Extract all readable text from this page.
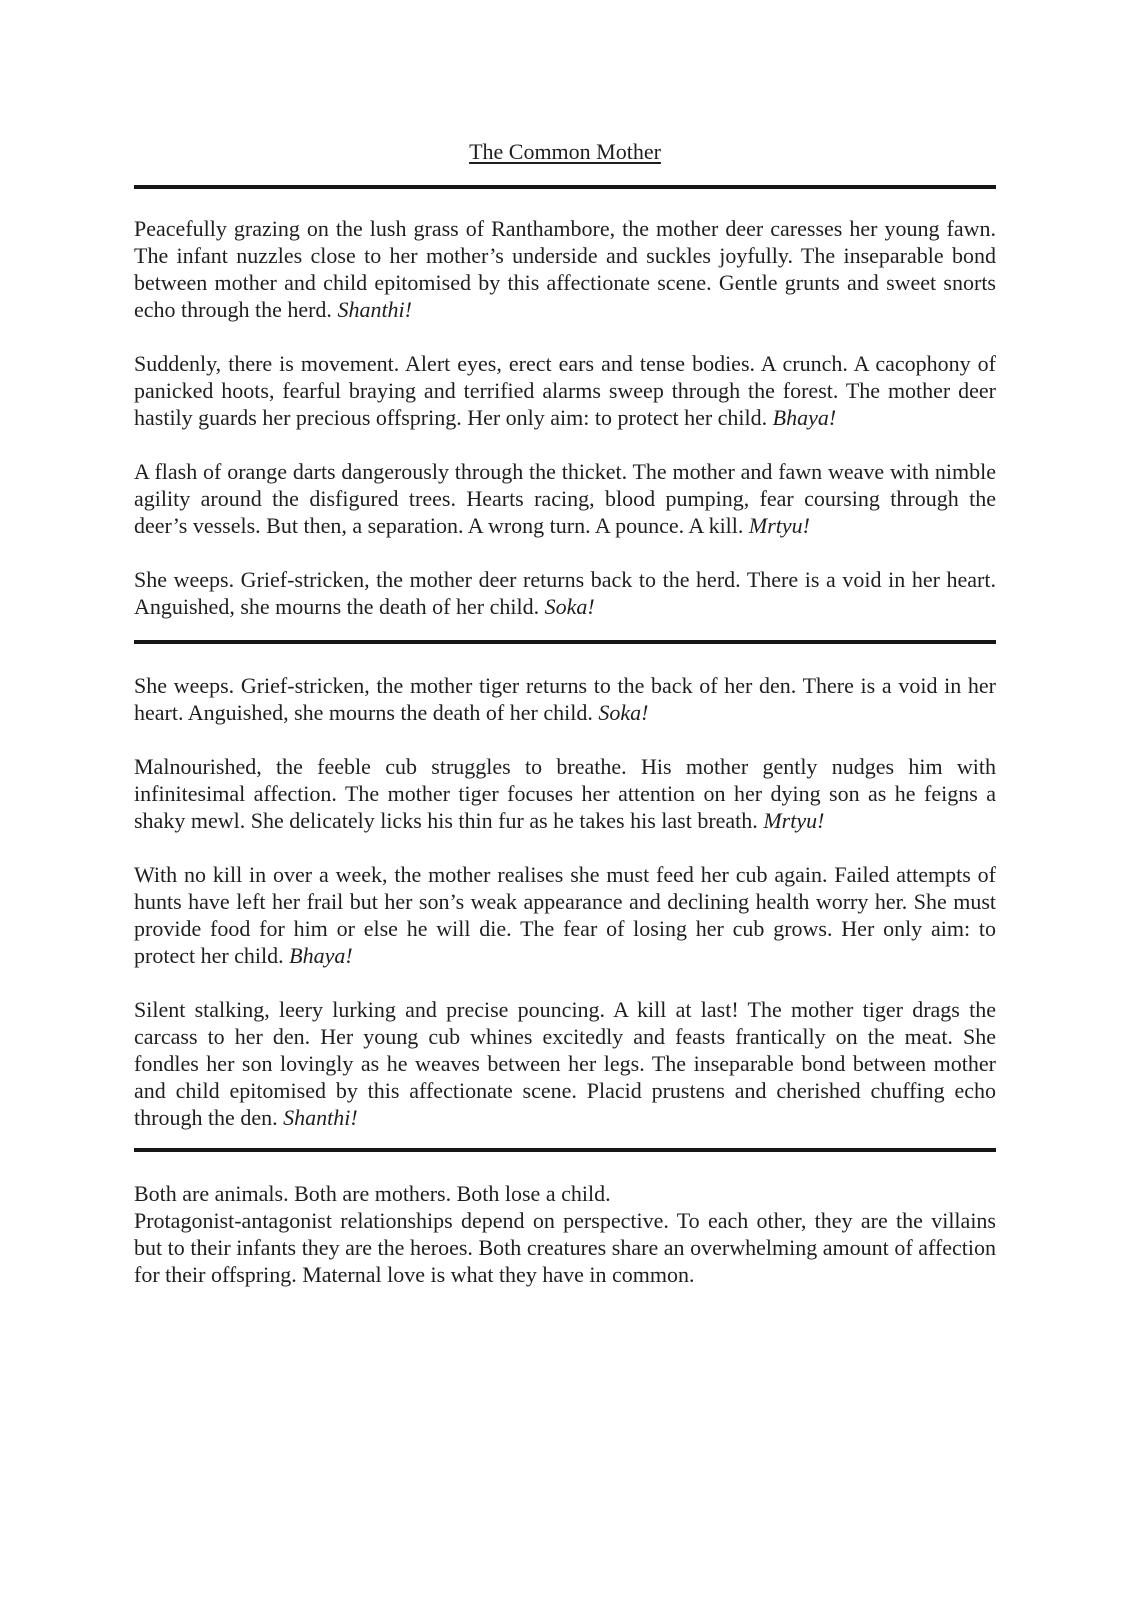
The Common Mother

Peacefully grazing on the lush grass of Ranthambore, the mother deer caresses her young fawn. The infant nuzzles close to her mother’s underside and suckles joyfully. The inseparable bond between mother and child epitomised by this affectionate scene. Gentle grunts and sweet snorts echo through the herd. Shanthi!

Suddenly, there is movement. Alert eyes, erect ears and tense bodies. A crunch. A cacophony of panicked hoots, fearful braying and terrified alarms sweep through the forest. The mother deer hastily guards her precious offspring. Her only aim: to protect her child. Bhaya!

A flash of orange darts dangerously through the thicket. The mother and fawn weave with nimble agility around the disfigured trees. Hearts racing, blood pumping, fear coursing through the deer’s vessels. But then, a separation. A wrong turn. A pounce. A kill. Mrtyu!

She weeps. Grief-stricken, the mother deer returns back to the herd. There is a void in her heart. Anguished, she mourns the death of her child. Soka!

She weeps. Grief-stricken, the mother tiger returns to the back of her den. There is a void in her heart. Anguished, she mourns the death of her child. Soka!

Malnourished, the feeble cub struggles to breathe. His mother gently nudges him with infinitesimal affection. The mother tiger focuses her attention on her dying son as he feigns a shaky mewl. She delicately licks his thin fur as he takes his last breath. Mrtyu!

With no kill in over a week, the mother realises she must feed her cub again. Failed attempts of hunts have left her frail but her son’s weak appearance and declining health worry her. She must provide food for him or else he will die. The fear of losing her cub grows. Her only aim: to protect her child. Bhaya!

Silent stalking, leery lurking and precise pouncing. A kill at last! The mother tiger drags the carcass to her den. Her young cub whines excitedly and feasts frantically on the meat. She fondles her son lovingly as he weaves between her legs. The inseparable bond between mother and child epitomised by this affectionate scene. Placid prustens and cherished chuffing echo through the den. Shanthi!

Both are animals. Both are mothers. Both lose a child.
Protagonist-antagonist relationships depend on perspective. To each other, they are the villains but to their infants they are the heroes. Both creatures share an overwhelming amount of affection for their offspring. Maternal love is what they have in common.
